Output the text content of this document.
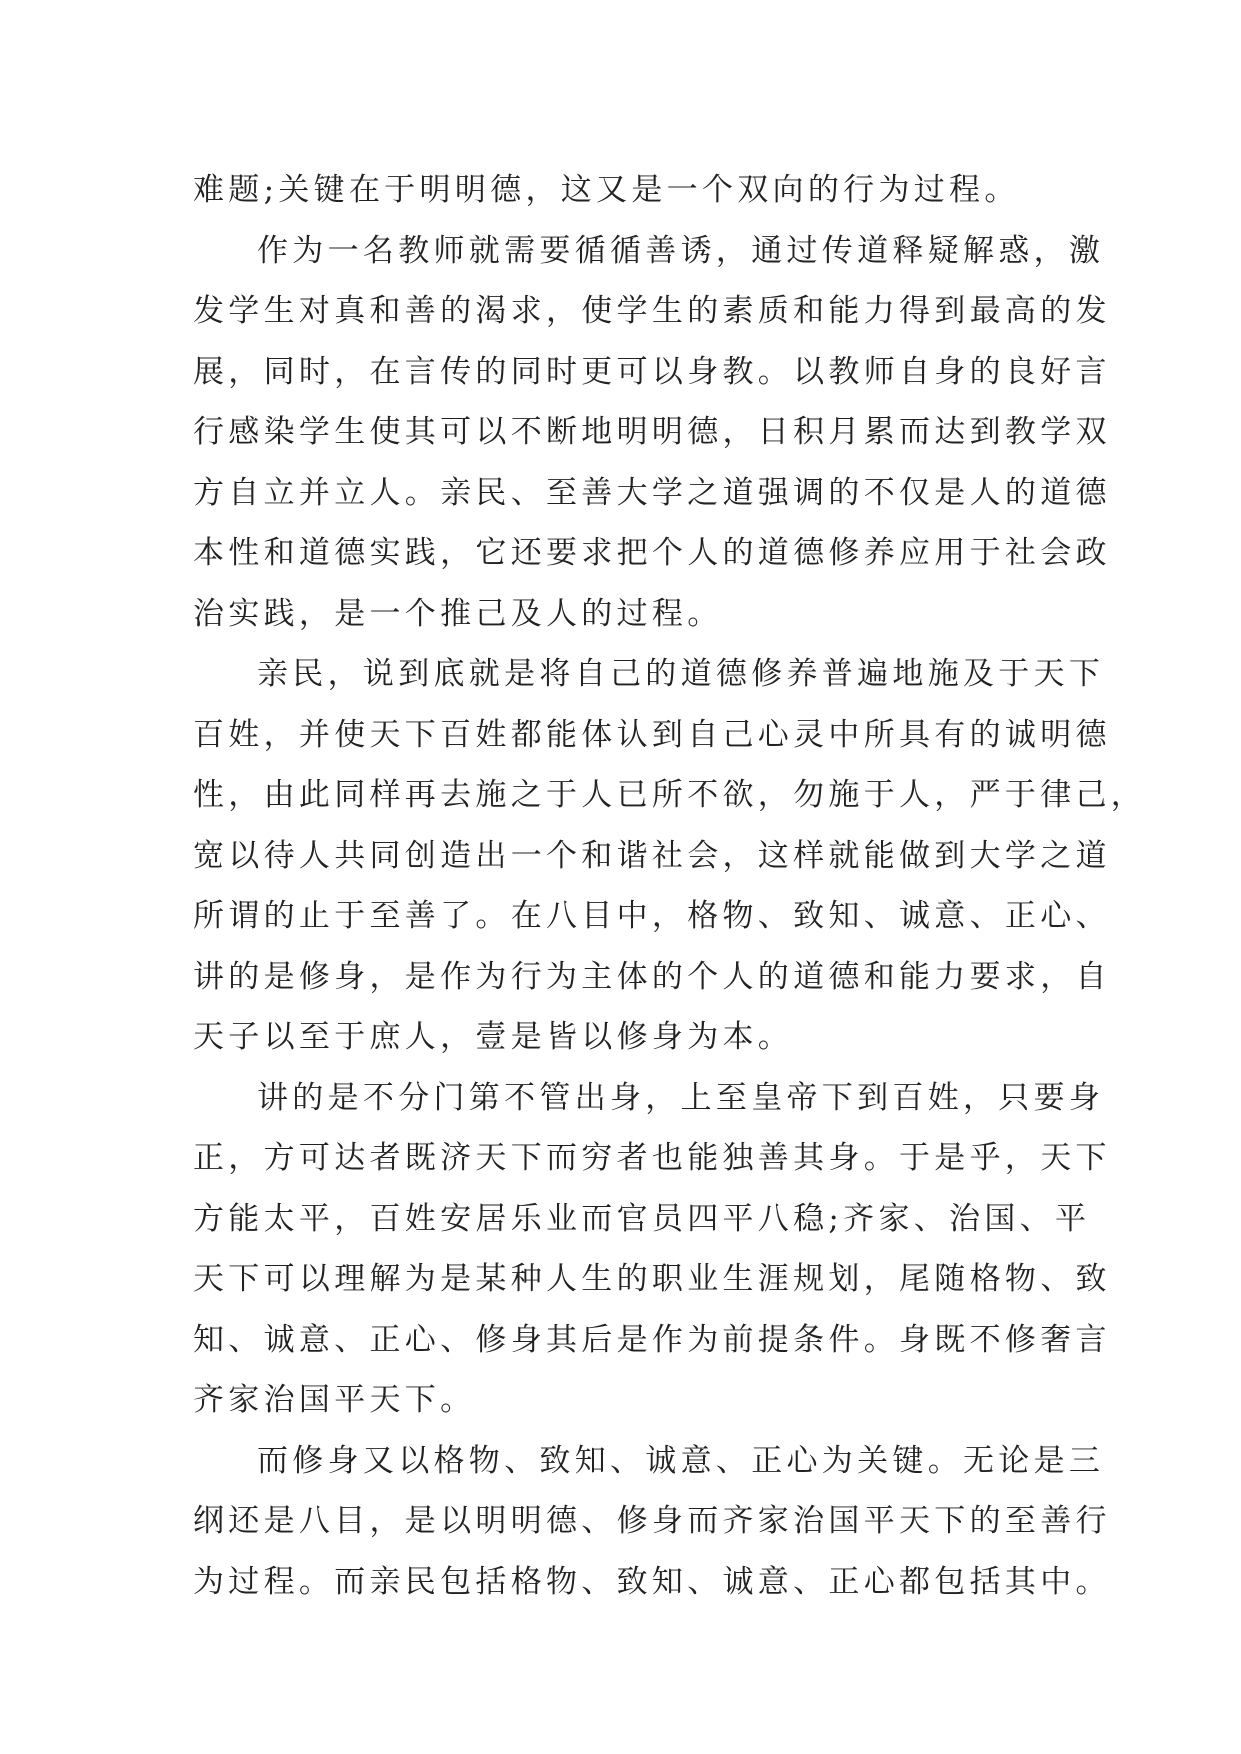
难题;关键在于明明德，这又是一个双向的行为过程。
作为一名教师就需要循循善诱，通过传道释疑解惑，激
发学生对真和善的渴求，使学生的素质和能力得到最高的发
展，同时，在言传的同时更可以身教。以教师自身的良好言
行感染学生使其可以不断地明明德，日积月累而达到教学双
方自立并立人。亲民、至善大学之道强调的不仅是人的道德
本性和道德实践，它还要求把个人的道德修养应用于社会政
治实践，是一个推己及人的过程。
亲民，说到底就是将自己的道德修养普遍地施及于天下
百姓，并使天下百姓都能体认到自己心灵中所具有的诚明德
性，由此同样再去施之于人已所不欲，勿施于人，严于律己，
宽以待人共同创造出一个和谐社会，这样就能做到大学之道
所谓的止于至善了。在八目中，格物、致知、诚意、正心、
讲的是修身，是作为行为主体的个人的道德和能力要求，自
天子以至于庶人，壹是皆以修身为本。
讲的是不分门第不管出身，上至皇帝下到百姓，只要身
正，方可达者既济天下而穷者也能独善其身。于是乎，天下
方能太平，百姓安居乐业而官员四平八稳;齐家、治国、平
天下可以理解为是某种人生的职业生涯规划，尾随格物、致
知、诚意、正心、修身其后是作为前提条件。身既不修奢言
齐家治国平天下。
而修身又以格物、致知、诚意、正心为关键。无论是三
纲还是八目，是以明明德、修身而齐家治国平天下的至善行
为过程。而亲民包括格物、致知、诚意、正心都包括其中。
